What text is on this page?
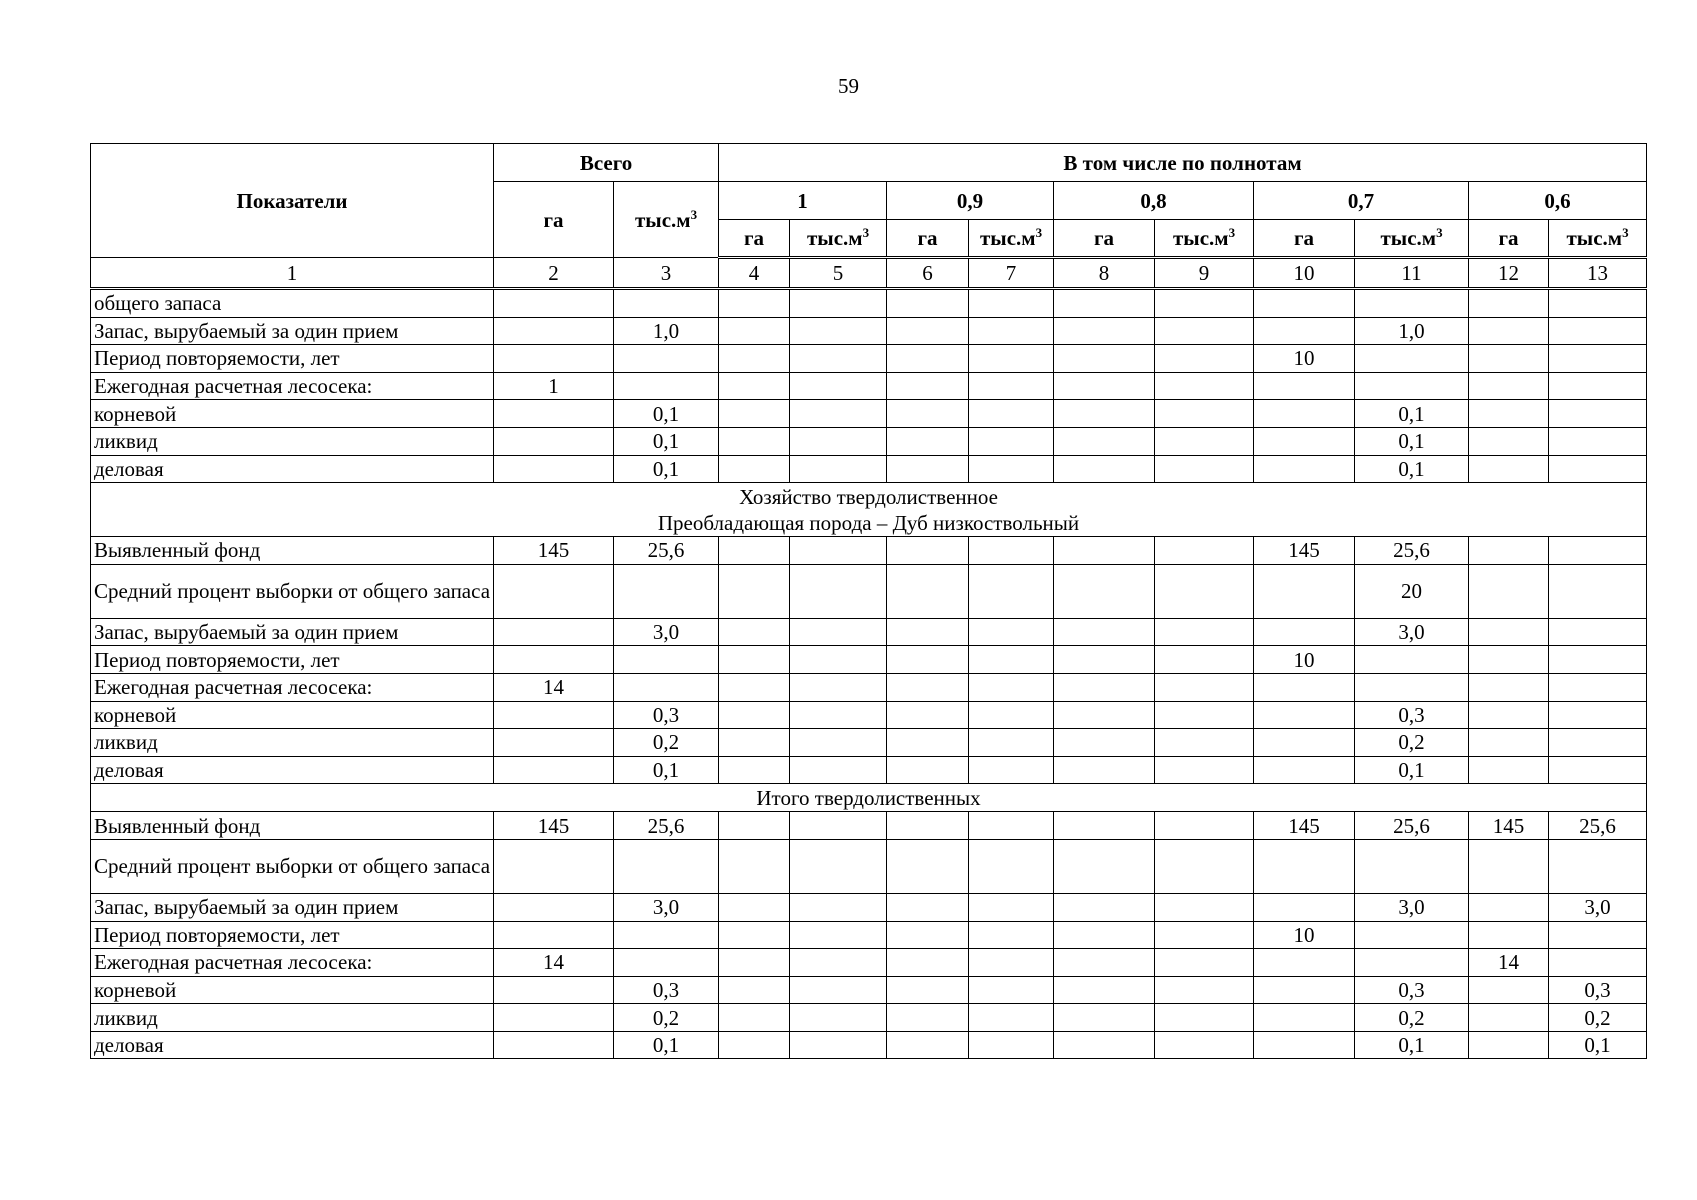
59
Показатели	Всего		В том числе по полнотам									
	га	$тыс.м^3$	1		0,9		0,8		0,7		0,6	
			га	$тыс.м^3$	га	$тыс.м^3$	га	$тыс.м^3$	га	$тыс.м^3$	га	$тыс.м^3$
1	2	3	4	5	6	7	8	9	10	11	12	13
общего запаса												
Запас, вырубаемый за один прием		1,0								1,0		
Период повторяемости, лет									10			
Ежегодная расчетная лесосека:	1											
корневой		0,1								0,1		
ликвид		0,1								0,1		
деловая		0,1								0,1		

Хозяйство твердолиственное
Преобладающая порода – Дуб низкоствольный												

Выявленный фонд	145	25,6							145	25,6		
Средний процент выборки от общего запаса										20		
Запас, вырубаемый за один прием		3,0								3,0		
Период повторяемости, лет									10			
Ежегодная расчетная лесосека:	14											
корневой		0,3								0,3		
ликвид		0,2								0,2		
деловая		0,1								0,1		

Итого твердолиственных												

Выявленный фонд	145	25,6							145	25,6	145	25,6
Средний процент выборки от общего запаса												
Запас, вырубаемый за один прием		3,0								3,0		3,0
Период повторяемости, лет									10			
Ежегодная расчетная лесосека:	14										14	
корневой		0,3								0,3		0,3
ликвид		0,2								0,2		0,2
деловая		0,1								0,1		0,1
